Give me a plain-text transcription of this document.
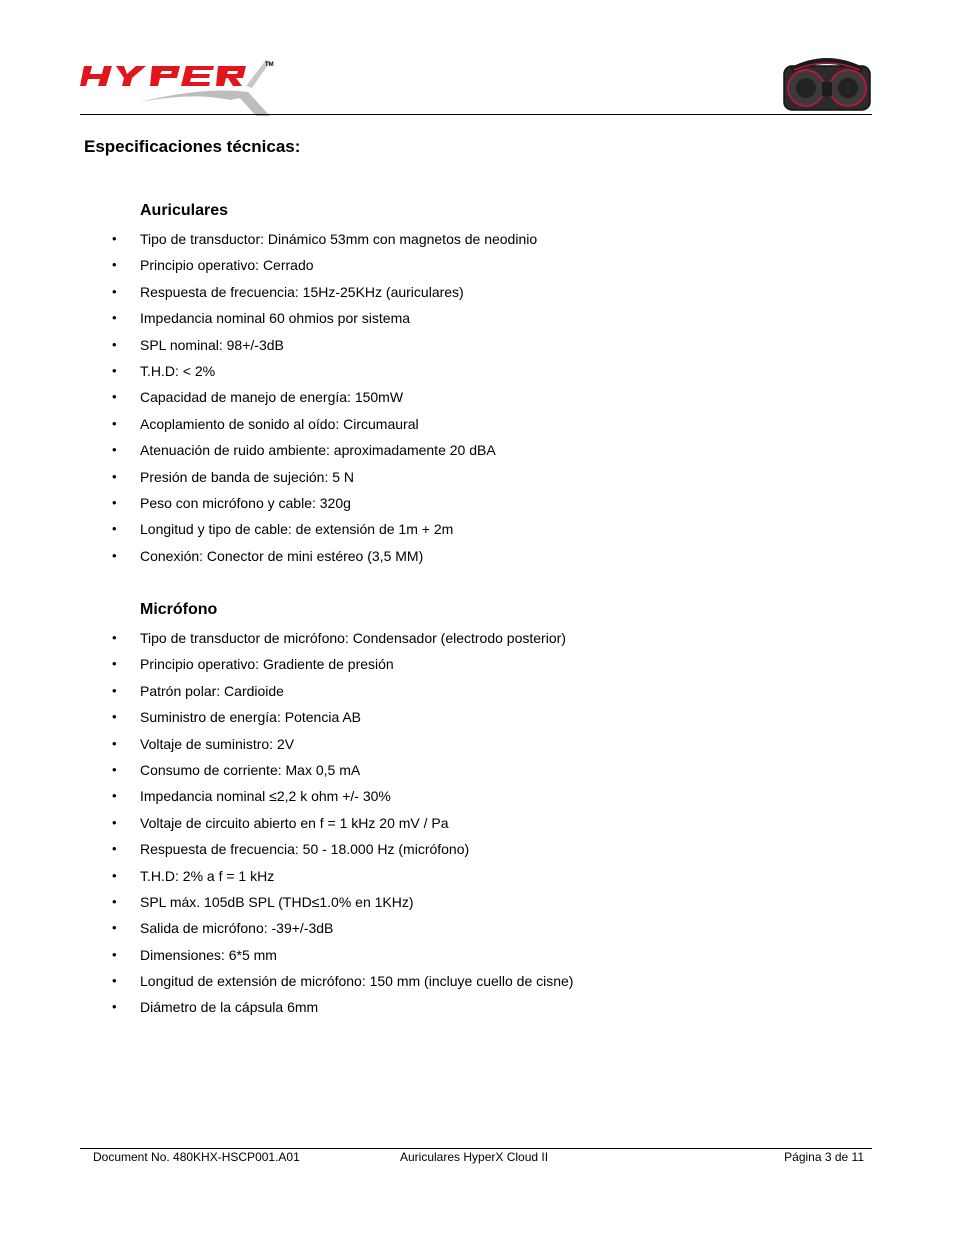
TM
Especificaciones técnicas:
Auriculares
• Tipo de transductor: Dinámico 53mm con magnetos de neodinio
• Principio operativo: Cerrado
• Respuesta de frecuencia: 15Hz-25KHz (auriculares)
• Impedancia nominal 60 ohmios por sistema
• SPL nominal: 98+/-3dB
• T.H.D: < 2%
• Capacidad de manejo de energía: 150mW
• Acoplamiento de sonido al oído: Circumaural
• Atenuación de ruido ambiente: aproximadamente 20 dBA
• Presión de banda de sujeción: 5 N
• Peso con micrófono y cable: 320g
• Longitud y tipo de cable: de extensión de 1m + 2m
• Conexión: Conector de mini estéreo (3,5 MM)
Micrófono
• Tipo de transductor de micrófono: Condensador (electrodo posterior)
• Principio operativo: Gradiente de presión
• Patrón polar: Cardioide
• Suministro de energía: Potencia AB
• Voltaje de suministro: 2V
• Consumo de corriente: Max 0,5 mA
• Impedancia nominal ≤2,2 k ohm +/- 30%
• Voltaje de circuito abierto en f = 1 kHz 20 mV / Pa
• Respuesta de frecuencia: 50 - 18.000 Hz (micrófono)
• T.H.D: 2% a f = 1 kHz
• SPL máx. 105dB SPL (THD≤1.0% en 1KHz)
• Salida de micrófono: -39+/-3dB
• Dimensiones: 6*5 mm
• Longitud de extensión de micrófono: 150 mm (incluye cuello de cisne)
• Diámetro de la cápsula 6mm
Document No. 480KHX-HSCP001.A01	Auriculares HyperX Cloud II	Página 3 de 11
